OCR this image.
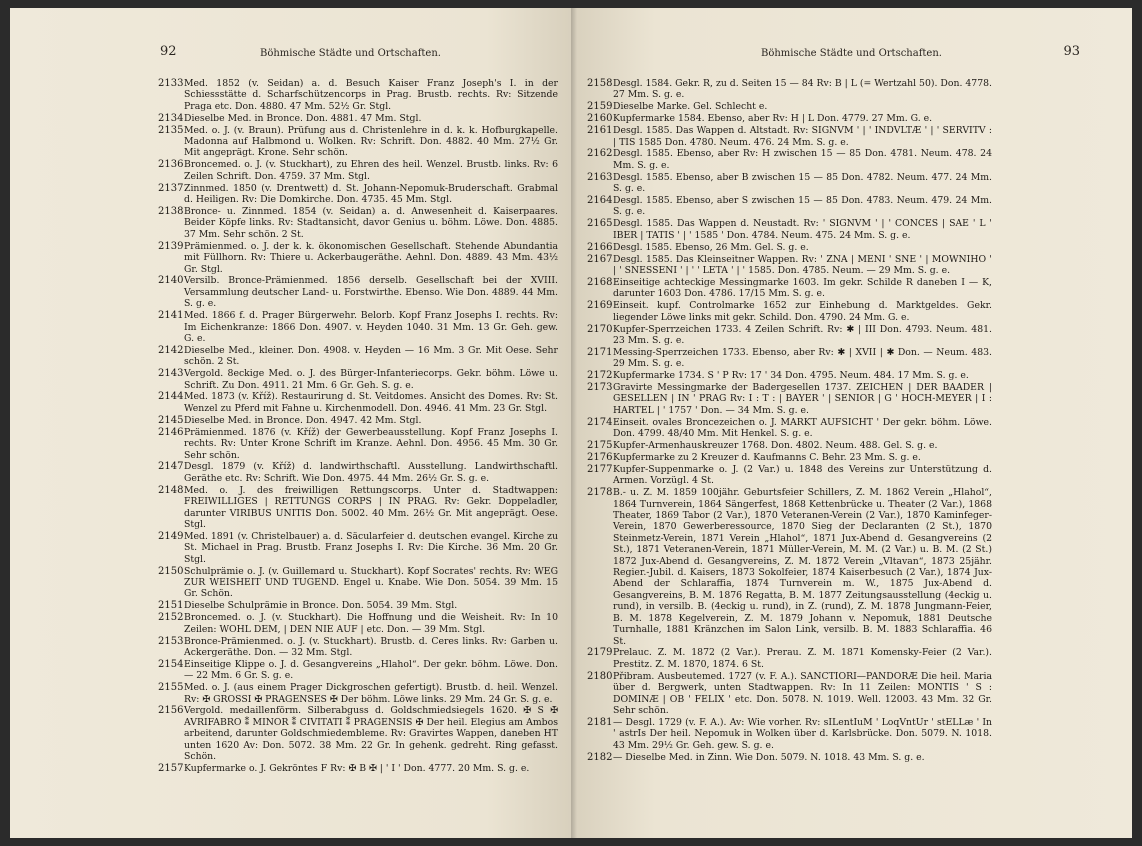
92	Böhmische Städte und Ortschaften.
2133 Med. 1852 (v. Seidan) a. d. Besuch Kaiser Franz Joseph's I. in der Schiessstätte d. Scharfschützencorps in Prag. Brustb. rechts. Rv: Sitzende Praga etc. Don. 4880. 47 Mm. 52½ Gr. Stgl.
2134 Dieselbe Med. in Bronce. Don. 4881. 47 Mm. Stgl.
2135 Med. o. J. (v. Braun). Prüfung aus d. Christenlehre in d. k. k. Hofburgkapelle. Madonna auf Halbmond u. Wolken. Rv: Schrift. Don. 4882. 40 Mm. 27½ Gr. Mit angeprägt. Krone. Sehr schön.
2136 Broncemed. o. J. (v. Stuckhart), zu Ehren des heil. Wenzel. Brustb. links. Rv: 6 Zeilen Schrift. Don. 4759. 37 Mm. Stgl.
2137 Zinnmed. 1850 (v. Drentwett) d. St. Johann-Nepomuk-Bruderschaft. Grabmal d. Heiligen. Rv: Die Domkirche. Don. 4735. 45 Mm. Stgl.
2138 Bronce- u. Zinnmed. 1854 (v. Seidan) a. d. Anwesenheit d. Kaiserpaares. Beider Köpfe links. Rv: Stadtansicht, davor Genius u. böhm. Löwe. Don. 4885. 37 Mm. Sehr schön. 2 St.
2139 Prämienmed. o. J. der k. k. ökonomischen Gesellschaft. Stehende Abundantia mit Füllhorn. Rv: Thiere u. Ackerbaugeräthe. Aehnl. Don. 4889. 43 Mm. 43½ Gr. Stgl.
2140 Versilb. Bronce-Prämienmed. 1856 derselb. Gesellschaft bei der XVIII. Versammlung deutscher Land- u. Forstwirthe. Ebenso. Wie Don. 4889. 44 Mm. S. g. e.
2141 Med. 1866 f. d. Prager Bürgerwehr. Belorb. Kopf Franz Josephs I. rechts. Rv: Im Eichenkranze: 1866 Don. 4907. v. Heyden 1040. 31 Mm. 13 Gr. Geh. gew. G. e.
2142 Dieselbe Med., kleiner. Don. 4908. v. Heyden — 16 Mm. 3 Gr. Mit Oese. Sehr schön. 2 St.
2143 Vergold. 8eckige Med. o. J. des Bürger-Infanteriecorps. Gekr. böhm. Löwe u. Schrift. Zu Don. 4911. 21 Mm. 6 Gr. Geh. S. g. e.
2144 Med. 1873 (v. Kříž). Restaurirung d. St. Veitdomes. Ansicht des Domes. Rv: St. Wenzel zu Pferd mit Fahne u. Kirchenmodell. Don. 4946. 41 Mm. 23 Gr. Stgl.
2145 Dieselbe Med. in Bronce. Don. 4947. 42 Mm. Stgl.
2146 Prämienmed. 1876 (v. Kříž) der Gewerbeausstellung. Kopf Franz Josephs I. rechts. Rv: Unter Krone Schrift im Kranze. Aehnl. Don. 4956. 45 Mm. 30 Gr. Sehr schön.
2147 Desgl. 1879 (v. Kříž) d. landwirthschaftl. Ausstellung. Landwirthschaftl. Geräthe etc. Rv: Schrift. Wie Don. 4975. 44 Mm. 26½ Gr. S. g. e.
2148 Med. o. J. des freiwilligen Rettungscorps. Unter d. Stadtwappen: FREIWILLIGES | RETTUNGS CORPS | IN PRAG. Rv: Gekr. Doppeladler, darunter VIRIBUS UNITIS Don. 5002. 40 Mm. 26½ Gr. Mit angeprägt. Oese. Stgl.
2149 Med. 1891 (v. Christelbauer) a. d. Säcularfeier d. deutschen evangel. Kirche zu St. Michael in Prag. Brustb. Franz Josephs I. Rv: Die Kirche. 36 Mm. 20 Gr. Stgl.
2150 Schulprämie o. J. (v. Guillemard u. Stuckhart). Kopf Socrates' rechts. Rv: WEG ZUR WEISHEIT UND TUGEND. Engel u. Knabe. Wie Don. 5054. 39 Mm. 15 Gr. Schön.
2151 Dieselbe Schulprämie in Bronce. Don. 5054. 39 Mm. Stgl.
2152 Broncemed. o. J. (v. Stuckhart). Die Hoffnung und die Weisheit. Rv: In 10 Zeilen: WOHL DEM, | DEN NIE AUF | etc. Don. — 39 Mm. Stgl.
2153 Bronce-Prämienmed. o. J. (v. Stuckhart). Brustb. d. Ceres links. Rv: Garben u. Ackergeräthe. Don. — 32 Mm. Stgl.
2154 Einseitige Klippe o. J. d. Gesangvereins „Hlahol“. Der gekr. böhm. Löwe. Don. — 22 Mm. 6 Gr. S. g. e.
2155 Med. o. J. (aus einem Prager Dickgroschen gefertigt). Brustb. d. heil. Wenzel. Rv: ✠ GROSSI ✠ PRAGENSES ✠ Der böhm. Löwe links. 29 Mm. 24 Gr. S. g. e.
2156 Vergold. medaillenförm. Silberabguss d. Goldschmiedsiegels 1620. ✠ S ✠ AVRIFABRO ⁑ MINOR ⁑ CIVITATI ⁑ PRAGENSIS ✠ Der heil. Elegius am Ambos arbeitend, darunter Goldschmiedembleme. Rv: Gravirtes Wappen, daneben HT unten 1620 Av: Don. 5072. 38 Mm. 22 Gr. In gehenk. gedreht. Ring gefasst. Schön.
2157 Kupfermarke o. J. Gekröntes F Rv: ✠ B ✠ | ' I ' Don. 4777. 20 Mm. S. g. e.
Böhmische Städte und Ortschaften.	93
2158 Desgl. 1584. Gekr. R, zu d. Seiten 15 — 84 Rv: B | L (= Wertzahl 50). Don. 4778. 27 Mm. S. g. e.
2159 Dieselbe Marke. Gel. Schlecht e.
2160 Kupfermarke 1584. Ebenso, aber Rv: H | L Don. 4779. 27 Mm. G. e.
2161 Desgl. 1585. Das Wappen d. Altstadt. Rv: SIGNVM ' | ' INDVLTÆ ' | ' SERVITV : | TIS 1585 Don. 4780. Neum. 476. 24 Mm. S. g. e.
2162 Desgl. 1585. Ebenso, aber Rv: H zwischen 15 — 85 Don. 4781. Neum. 478. 24 Mm. S. g. e.
2163 Desgl. 1585. Ebenso, aber B zwischen 15 — 85 Don. 4782. Neum. 477. 24 Mm. S. g. e.
2164 Desgl. 1585. Ebenso, aber S zwischen 15 — 85 Don. 4783. Neum. 479. 24 Mm. S. g. e.
2165 Desgl. 1585. Das Wappen d. Neustadt. Rv: ' SIGNVM ' | ' CONCES | SAE ' L ' IBER | TATIS ' | ' 1585 ' Don. 4784. Neum. 475. 24 Mm. S. g. e.
2166 Desgl. 1585. Ebenso, 26 Mm. Gel. S. g. e.
2167 Desgl. 1585. Das Kleinseitner Wappen. Rv: ' ZNA | MENI ' SNE ' | MOWNIHO ' | ' SNESSENI ' | ' ' LETA ' | ' 1585. Don. 4785. Neum. — 29 Mm. S. g. e.
2168 Einseitige achteckige Messingmarke 1603. Im gekr. Schilde R daneben I — K, darunter 1603 Don. 4786. 17/15 Mm. S. g. e.
2169 Einseit. kupf. Controlmarke 1652 zur Einhebung d. Marktgeldes. Gekr. liegender Löwe links mit gekr. Schild. Don. 4790. 24 Mm. G. e.
2170 Kupfer-Sperrzeichen 1733. 4 Zeilen Schrift. Rv: ✱ | III Don. 4793. Neum. 481. 23 Mm. S. g. e.
2171 Messing-Sperrzeichen 1733. Ebenso, aber Rv: ✱ | XVII | ✱ Don. — Neum. 483. 29 Mm. S. g. e.
2172 Kupfermarke 1734. S ' P Rv: 17 ' 34 Don. 4795. Neum. 484. 17 Mm. S. g. e.
2173 Gravirte Messingmarke der Badergesellen 1737. ZEICHEN | DER BAADER | GESELLEN | IN ' PRAG Rv: I : T : | BAYER ' | SENIOR | G ' HOCH-MEYER | I : HARTEL | ' 1757 ' Don. — 34 Mm. S. g. e.
2174 Einseit. ovales Broncezeichen o. J. MARKT AUFSICHT ' Der gekr. böhm. Löwe. Don. 4799. 48/40 Mm. Mit Henkel. S. g. e.
2175 Kupfer-Armenhauskreuzer 1768. Don. 4802. Neum. 488. Gel. S. g. e.
2176 Kupfermarke zu 2 Kreuzer d. Kaufmanns C. Behr. 23 Mm. S. g. e.
2177 Kupfer-Suppenmarke o. J. (2 Var.) u. 1848 des Vereins zur Unterstützung d. Armen. Vorzügl. 4 St.
2178 B.- u. Z. M. 1859 100jähr. Geburtsfeier Schillers, Z. M. 1862 Verein „Hlahol“, 1864 Turnverein, 1864 Sängerfest, 1868 Kettenbrücke u. Theater (2 Var.), 1868 Theater, 1869 Tabor (2 Var.), 1870 Veteranen-Verein (2 Var.), 1870 Kaminfeger-Verein, 1870 Gewerberessource, 1870 Sieg der Declaranten (2 St.), 1870 Steinmetz-Verein, 1871 Verein „Hlahol“, 1871 Jux-Abend d. Gesangvereins (2 St.), 1871 Veteranen-Verein, 1871 Müller-Verein, M. M. (2 Var.) u. B. M. (2 St.) 1872 Jux-Abend d. Gesangvereins, Z. M. 1872 Verein „Vltavan“, 1873 25jähr. Regier.-Jubil. d. Kaisers, 1873 Sokolfeier, 1874 Kaiserbesuch (2 Var.), 1874 Jux-Abend der Schlaraffia, 1874 Turnverein m. W., 1875 Jux-Abend d. Gesangvereins, B. M. 1876 Regatta, B. M. 1877 Zeitungsausstellung (4eckig u. rund), in versilb. B. (4eckig u. rund), in Z. (rund), Z. M. 1878 Jungmann-Feier, B. M. 1878 Kegelverein, Z. M. 1879 Johann v. Nepomuk, 1881 Deutsche Turnhalle, 1881 Kränzchen im Salon Link, versilb. B. M. 1883 Schlaraffia. 46 St.
2179 Prelauc. Z. M. 1872 (2 Var.). Prerau. Z. M. 1871 Komensky-Feier (2 Var.). Prestitz. Z. M. 1870, 1874. 6 St.
2180 Přibram. Ausbeutemed. 1727 (v. F. A.). SANCTIORI—PANDORÆ Die heil. Maria über d. Bergwerk, unten Stadtwappen. Rv: In 11 Zeilen: MONTIS ' S : DOMINÆ | OB ' FELIX ' etc. Don. 5078. N. 1019. Well. 12003. 43 Mm. 32 Gr. Sehr schön.
2181 — Desgl. 1729 (v. F. A.). Av: Wie vorher. Rv: sILentIuM ' LoqVntUr ' stELLæ ' In ' astrIs Der heil. Nepomuk in Wolken über d. Karlsbrücke. Don. 5079. N. 1018. 43 Mm. 29½ Gr. Geh. gew. S. g. e.
2182 — Dieselbe Med. in Zinn. Wie Don. 5079. N. 1018. 43 Mm. S. g. e.
